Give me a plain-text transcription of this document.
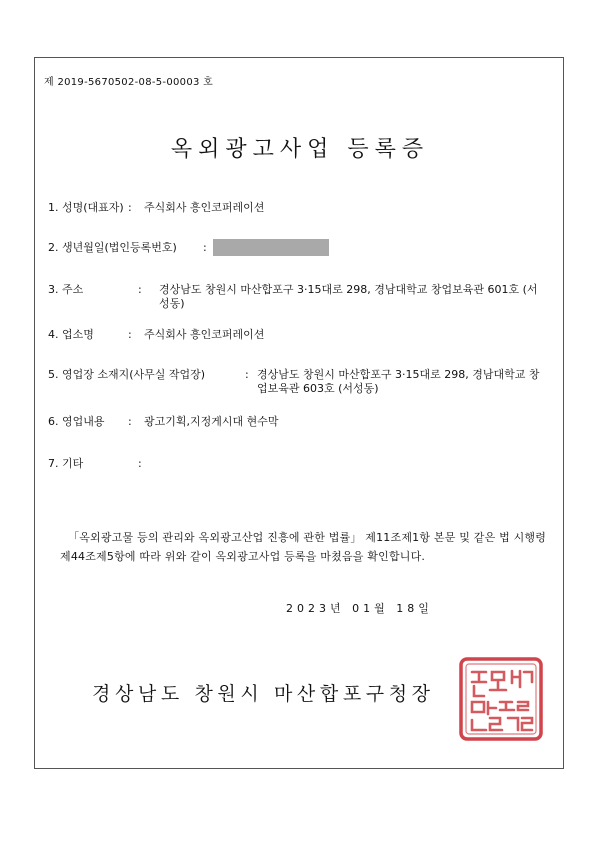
제 2019-5670502-08-5-00003 호
옥외광고사업 등록증
1. 성명(대표자) : 주식회사 흥인코퍼레이션
2. 생년월일(법인등록번호) :
3. 주소	: 경상남도 창원시 마산합포구 3·15대로 298, 경남대학교 창업보육관 601호 (서성동)
4. 업소명	: 주식회사 흥인코퍼레이션
5. 영업장 소재지(사무실 작업장)	: 경상남도 창원시 마산합포구 3·15대로 298, 경남대학교 창업보육관 603호 (서성동)
6. 영업내용 : 광고기획,지정게시대 현수막
7. 기타	:
「옥외광고물 등의 관리와 옥외광고산업 진흥에 관한 법률」 제11조제1항 본문 및 같은 법 시행령 제44조제5항에 따라 위와 같이 옥외광고사업 등록을 마쳤음을 확인합니다.
2023년 01월 18일
경상남도 창원시 마산합포구청장
